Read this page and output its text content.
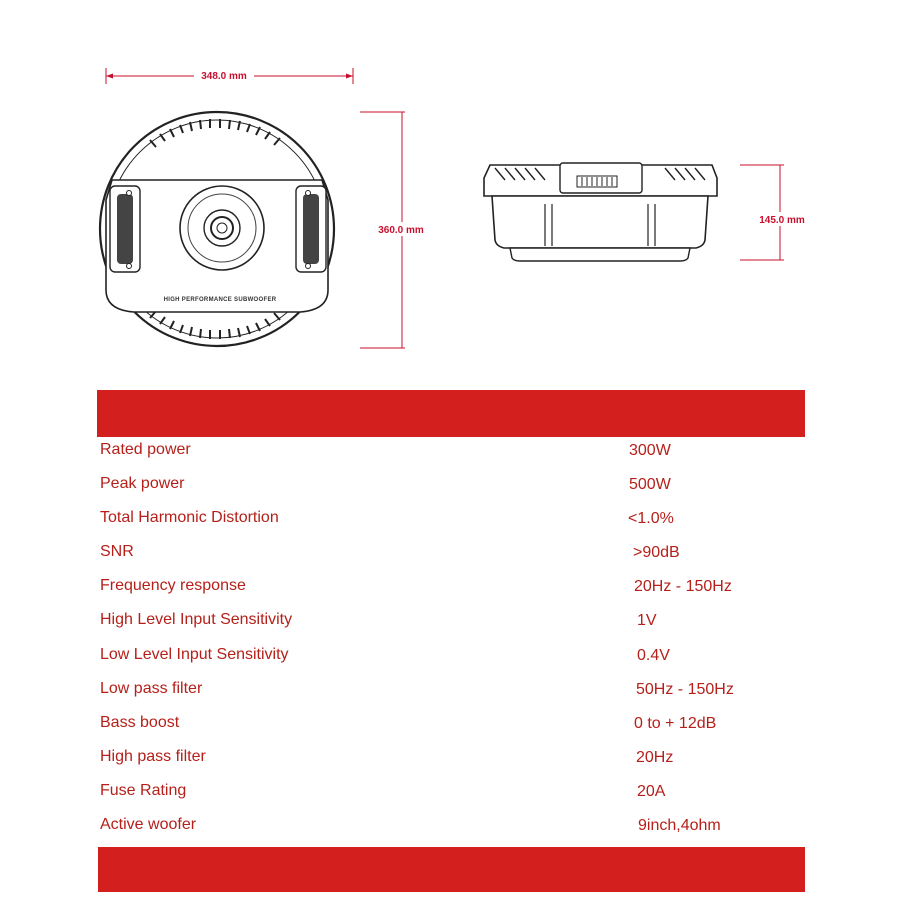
348.0 mm
360.0 mm
145.0 mm
HIGH PERFORMANCE SUBWOOFER
Rated power	300W
Peak power	500W
Total Harmonic Distortion	<1.0%
SNR	>90dB
Frequency response	20Hz - 150Hz
High Level Input Sensitivity	1V
Low Level Input Sensitivity	0.4V
Low pass filter	50Hz - 150Hz
Bass boost	0 to + 12dB
High pass filter	20Hz
Fuse Rating	20A
Active woofer	9inch,4ohm
